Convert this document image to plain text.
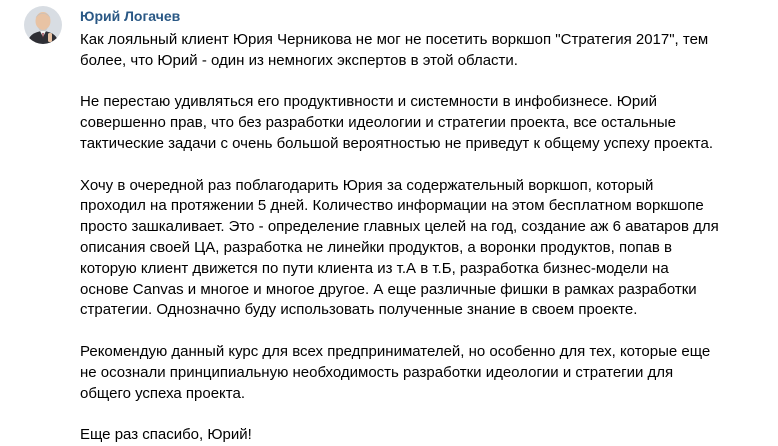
Юрий Логачев

Как лояльный клиент Юрия Черникова не мог не посетить воркшоп "Стратегия 2017", тем
более, что Юрий - один из немногих экспертов в этой области.

Не перестаю удивляться его продуктивности и системности в инфобизнесе. Юрий
совершенно прав, что без разработки идеологии и стратегии проекта, все остальные
тактические задачи с очень большой вероятностью не приведут к общему успеху проекта.

Хочу в очередной раз поблагодарить Юрия за содержательный воркшоп, который
проходил на протяжении 5 дней. Количество информации на этом бесплатном воркшопе
просто зашкаливает. Это - определение главных целей на год, создание аж 6 аватаров для
описания своей ЦА, разработка не линейки продуктов, а воронки продуктов, попав в
которую клиент движется по пути клиента из т.А в т.Б, разработка бизнес-модели на
основе Canvas и многое и многое другое. А еще различные фишки в рамках разработки
стратегии. Однозначно буду использовать полученные знание в своем проекте.

Рекомендую данный курс для всех предпринимателей, но особенно для тех, которые еще
не осознали принципиальную необходимость разработки идеологии и стратегии для
общего успеха проекта.

Еще раз спасибо, Юрий!
